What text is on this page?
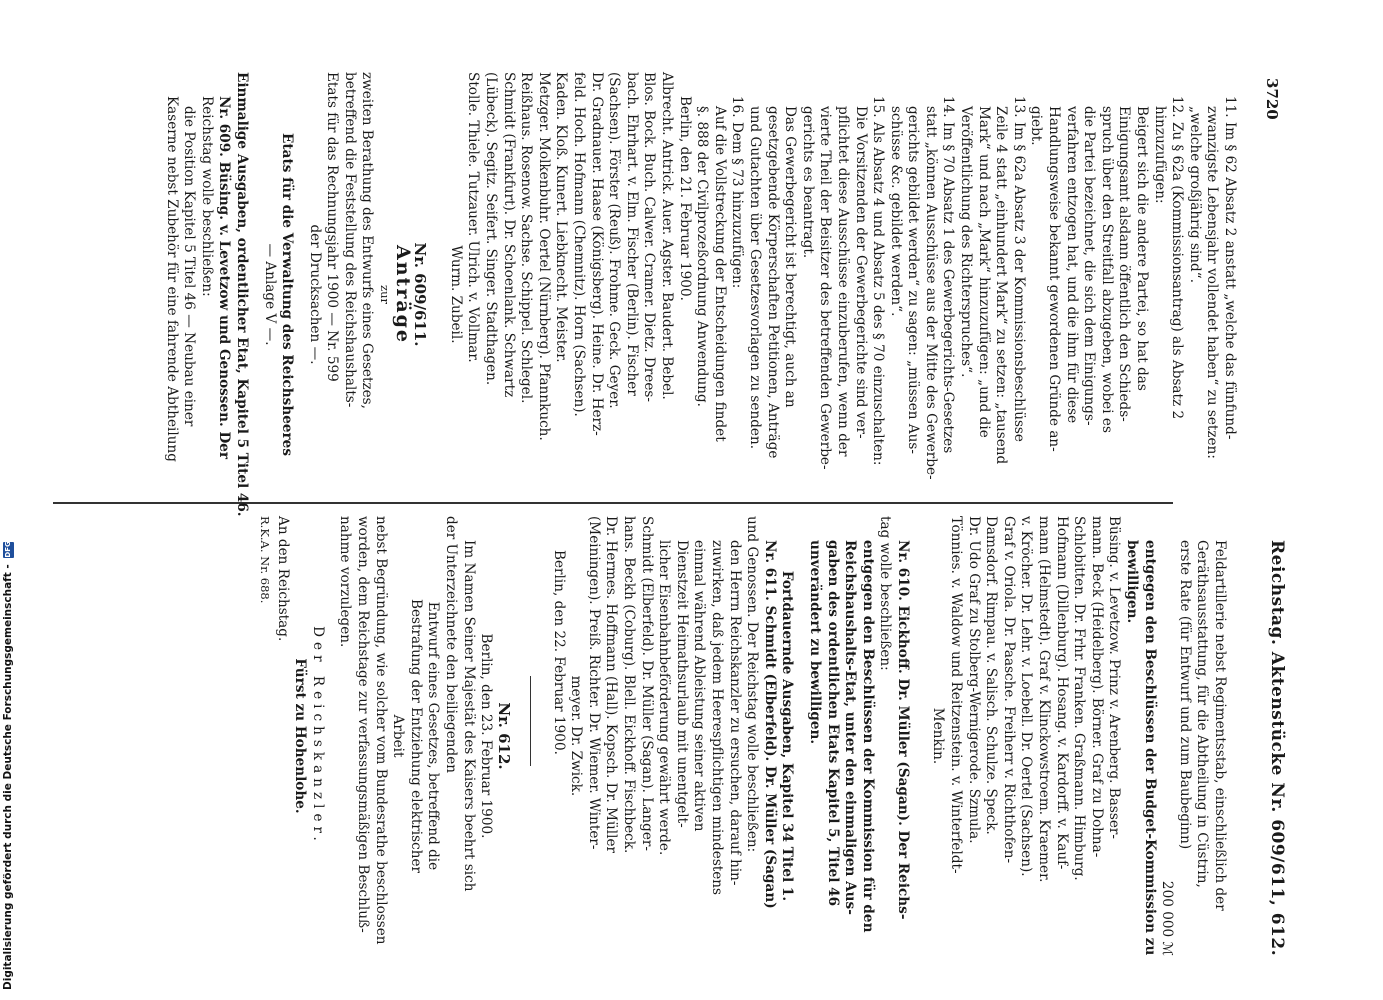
3720
Reichstag. Aktenstücke Nr. 609/611, 612.
11. Im § 62 Absatz 2 anstatt „welche das fünfund-
zwanzigste Lebensjahr vollendet haben“ zu setzen:
„welche großjährig sind“.
12. Zu § 62a (Kommissionsantrag) als Absatz 2
hinzuzufügen:
Beigert sich die andere Partei, so hat das
Einigungsamt alsdann öffentlich den Schieds-
spruch über den Streitfall abzugeben, wobei es
die Partei bezeichnet, die sich dem Einigungs-
verfahren entzogen hat, und die ihm für diese
Handlungsweise bekannt gewordenen Gründe an-
giebt.
13. Im § 62a Absatz 3 der Kommissionsbeschlüsse
Zeile 4 statt „einhundert Mark“ zu setzen: „tausend
Mark“ und nach „Mark“ hinzuzufügen: „und die
Veröffentlichung des Richterspruches“.
14. Im § 70 Absatz 1 des Gewerbegerichts-Gesetzes
statt „können Ausschüsse aus der Mitte des Gewerbe-
gerichts gebildet werden“ zu sagen: „müssen Aus-
schüsse &c. gebildet werden“.
15. Als Absatz 4 und Absatz 5 des § 70 einzuschalten:
Die Vorsitzenden der Gewerbegerichte sind ver-
pflichtet diese Ausschüsse einzuberufen, wenn der
vierte Theil der Beisitzer des betreffenden Gewerbe-
gerichts es beantragt.
Das Gewerbegericht ist berechtigt, auch an
gesetzgebende Körperschaften Petitionen, Anträge
und Gutachten über Gesetzesvorlagen zu senden.
16. Dem § 73 hinzuzufügen:
Auf die Vollstreckung der Entscheidungen findet
§. 888 der Civilprozeßordnung Anwendung.
Berlin, den 21. Februar 1900.
Albrecht. Antrick. Auer. Agster. Baudert. Bebel.
Blos. Bock. Buch. Calwer. Cramer. Dietz. Drees-
bach. Ehrhart. v. Elm. Fischer (Berlin). Fischer
(Sachsen). Förster (Reuß). Frohme. Geck. Geyer.
Dr. Gradnauer. Haase (Königsberg). Heine. Dr. Herz-
feld. Hoch. Hofmann (Chemnitz). Horn (Sachsen).
Kaden. Kloß. Kunert. Liebknecht. Meister.
Metzger. Molkenbuhr. Oertel (Nürnberg). Pfannkuch.
Reißhaus. Rosenow. Sachse. Schippel. Schlegel.
Schmidt (Frankfurt). Dr. Schoenlank. Schwartz
(Lübeck). Segitz. Seifert. Singer. Stadthagen.
Stolle. Thiele. Tutzauer. Ulrich. v. Vollmar.
Wurm. Zubeil.
Nr. 609/611.
Anträge
zur
zweiten Berathung des Entwurfs eines Gesetzes,
betreffend die Feststellung des Reichshaushalts-
Etats für das Rechnungsjahr 1900 — Nr. 599
der Drucksachen —.
Etats für die Verwaltung des Reichsheeres
— Anlage V —.
Einmalige Ausgaben, ordentlicher Etat, Kapitel 5 Titel 46.
Nr. 609. Büsing. v. Levetzow und Genossen. Der
Reichstag wolle beschließen:
die Position Kapitel 5 Titel 46 — Neubau einer
Kaserne nebst Zubehör für eine fahrende Abtheilung
Feldartillerie nebst Regimentsstab, einschließlich der
Geräthsausstattung, für die Abtheilung in Cüstrin,
erste Rate (für Entwurf und zum Baubeginn)
200 000 ℳ
entgegen den Beschlüssen der Budget-Kommission zu
bewilligen.
Büsing. v. Levetzow. Prinz v. Arenberg. Basser-
mann. Beck (Heidelberg). Börner. Graf zu Dohna-
Schlobitten. Dr. Frhr. Franken. Graßmann. Himburg.
Hofmann (Dillenburg). Hosang. v. Kardorff. v. Kauf-
mann (Helmstedt). Graf v. Klinckowstroem. Kraemer.
v. Kröcher. Dr. Lehr. v. Loebell. Dr. Oertel (Sachsen).
Graf v. Oriola. Dr. Paasche. Freiherr v. Richthofen-
Damsdorf. Rimpau. v. Salisch. Schulze. Speck.
Dr. Udo Graf zu Stolberg-Wernigerode. Szmula.
Tönnies. v. Waldow und Reitzenstein. v. Winterfeldt-
Menkin.
Nr. 610. Eickhoff. Dr. Müller (Sagan). Der Reichs-
tag wolle beschließen:
entgegen den Beschlüssen der Kommission für den
Reichshaushalts-Etat, unter den einmaligen Aus-
gaben des ordentlichen Etats Kapitel 5, Titel 46
unverändert zu bewilligen.
Fortdauernde Ausgaben, Kapitel 34 Titel 1.
Nr. 611. Schmidt (Elberfeld). Dr. Müller (Sagan)
und Genossen. Der Reichstag wolle beschließen:
den Herrn Reichskanzler zu ersuchen, darauf hin-
zuwirken, daß jedem Heerespflichtigen mindestens
einmal während Ableistung seiner aktiven
Dienstzeit Heimathsurlaub mit unentgelt-
licher Eisenbahnbeförderung gewährt werde.
Schmidt (Elberfeld). Dr. Müller (Sagan). Langer-
hans. Beckh (Coburg). Blell. Eickhoff. Fischbeck.
Dr. Hermes. Hoffmann (Hall). Kopsch. Dr. Müller
(Meiningen). Preiß. Richter. Dr. Wiemer. Winter-
meyer. Dr. Zwick.
Berlin, den 22. Februar 1900.
Nr. 612.
Berlin, den 23. Februar 1900.
Im Namen Seiner Majestät des Kaisers beehrt sich
der Unterzeichnete den beiliegenden
Entwurf eines Gesetzes, betreffend die
Bestrafung der Entziehung elektrischer
Arbeit
nebst Begründung, wie solcher vom Bundesrathe beschlossen
worden, dem Reichstage zur verfassungsmäßigen Beschluß-
nahme vorzulegen.
Der Reichskanzler.
Fürst zu Hohenlohe.
An den Reichstag.
R.K.A. Nr. 688.
Digitalisierung gefördert durch die Deutsche Forschungsgemeinschaft - DFG
